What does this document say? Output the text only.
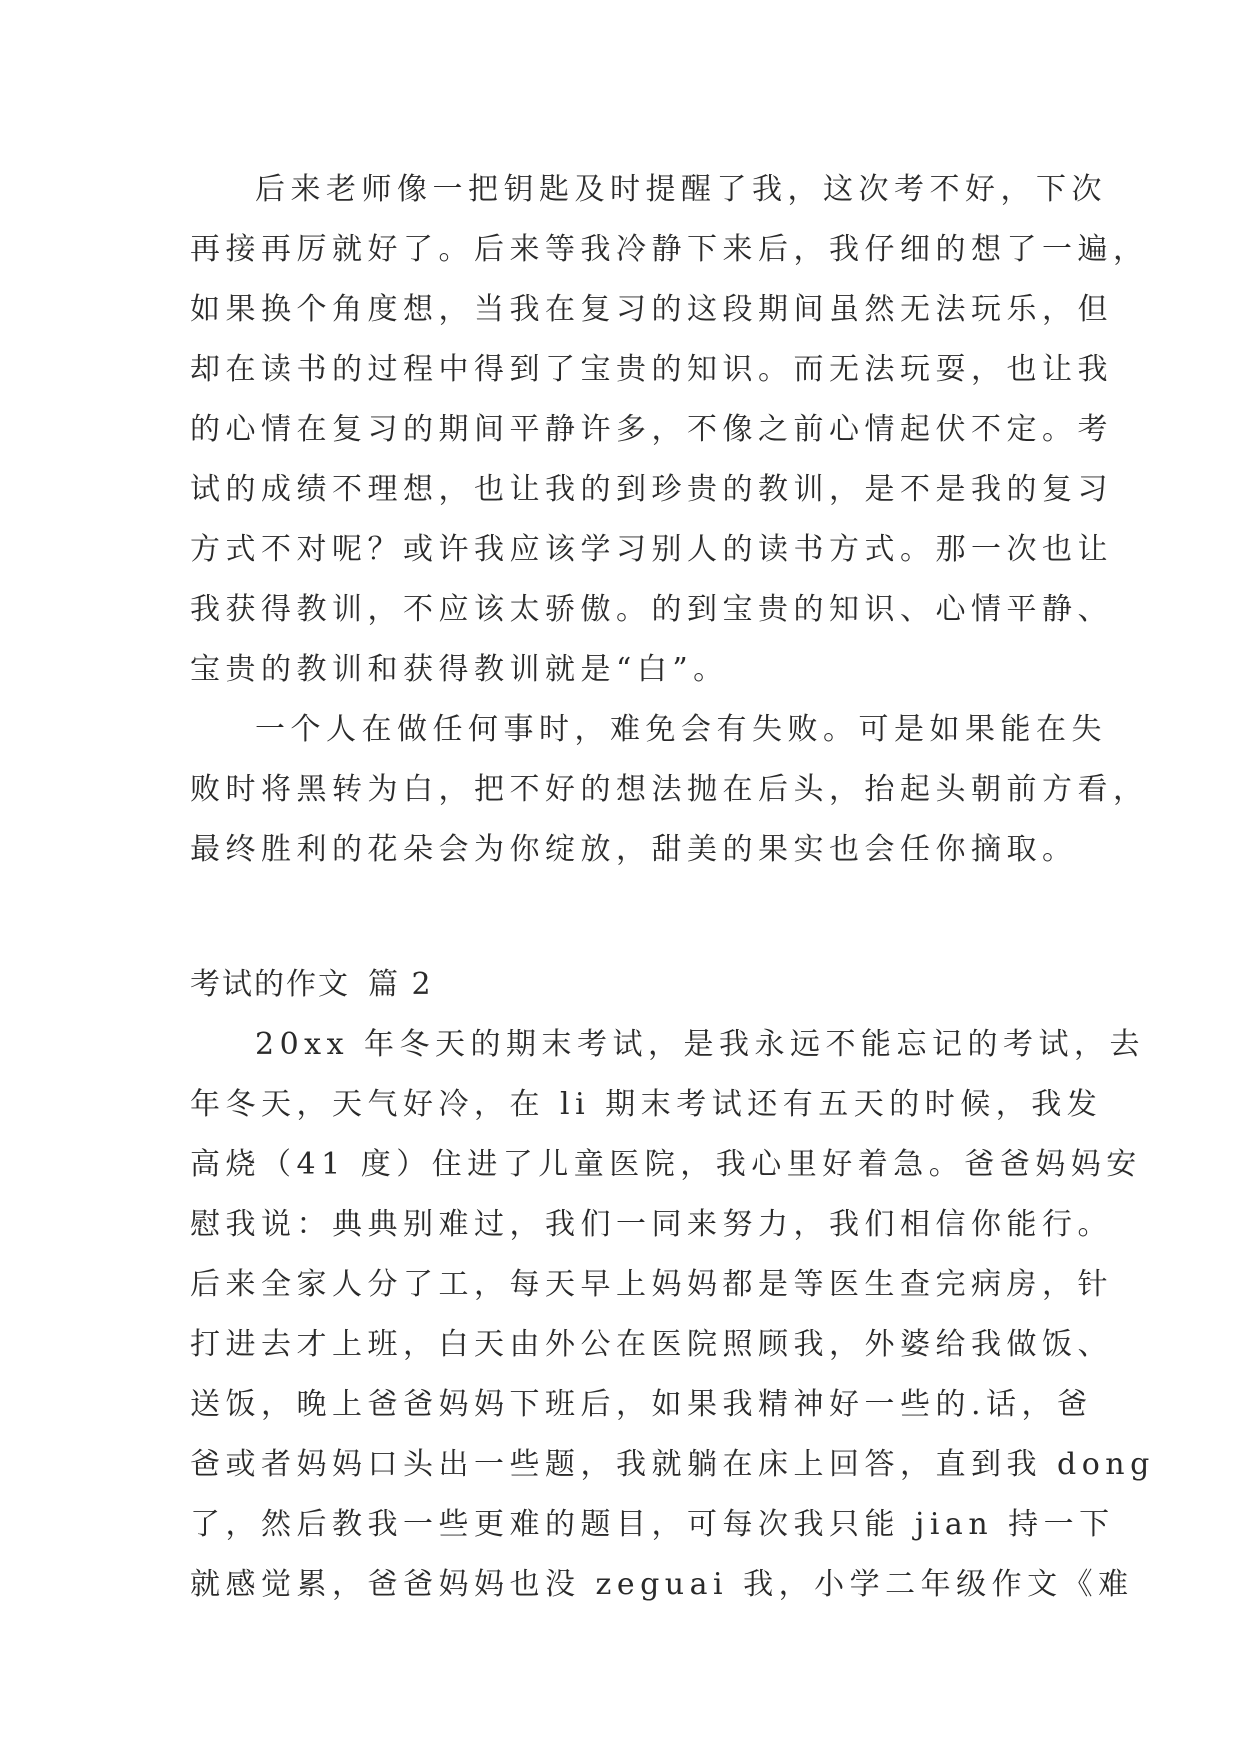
后来老师像一把钥匙及时提醒了我，这次考不好，下次
再接再厉就好了。后来等我冷静下来后，我仔细的想了一遍，
如果换个角度想，当我在复习的这段期间虽然无法玩乐，但
却在读书的过程中得到了宝贵的知识。而无法玩耍，也让我
的心情在复习的期间平静许多，不像之前心情起伏不定。考
试的成绩不理想，也让我的到珍贵的教训，是不是我的复习
方式不对呢？或许我应该学习别人的读书方式。那一次也让
我获得教训，不应该太骄傲。的到宝贵的知识、心情平静、
宝贵的教训和获得教训就是“白”。
一个人在做任何事时，难免会有失败。可是如果能在失
败时将黑转为白，把不好的想法抛在后头，抬起头朝前方看，
最终胜利的花朵会为你绽放，甜美的果实也会任你摘取。
考试的作文 篇 2
20xx 年冬天的期末考试，是我永远不能忘记的考试，去
年冬天，天气好冷，在 li 期末考试还有五天的时候，我发
高烧（41 度）住进了儿童医院，我心里好着急。爸爸妈妈安
慰我说：典典别难过，我们一同来努力，我们相信你能行。
后来全家人分了工，每天早上妈妈都是等医生查完病房，针
打进去才上班，白天由外公在医院照顾我，外婆给我做饭、
送饭，晚上爸爸妈妈下班后，如果我精神好一些的.话，爸
爸或者妈妈口头出一些题，我就躺在床上回答，直到我 dong
了，然后教我一些更难的题目，可每次我只能 jian 持一下
就感觉累，爸爸妈妈也没 zeguai 我，小学二年级作文《难
